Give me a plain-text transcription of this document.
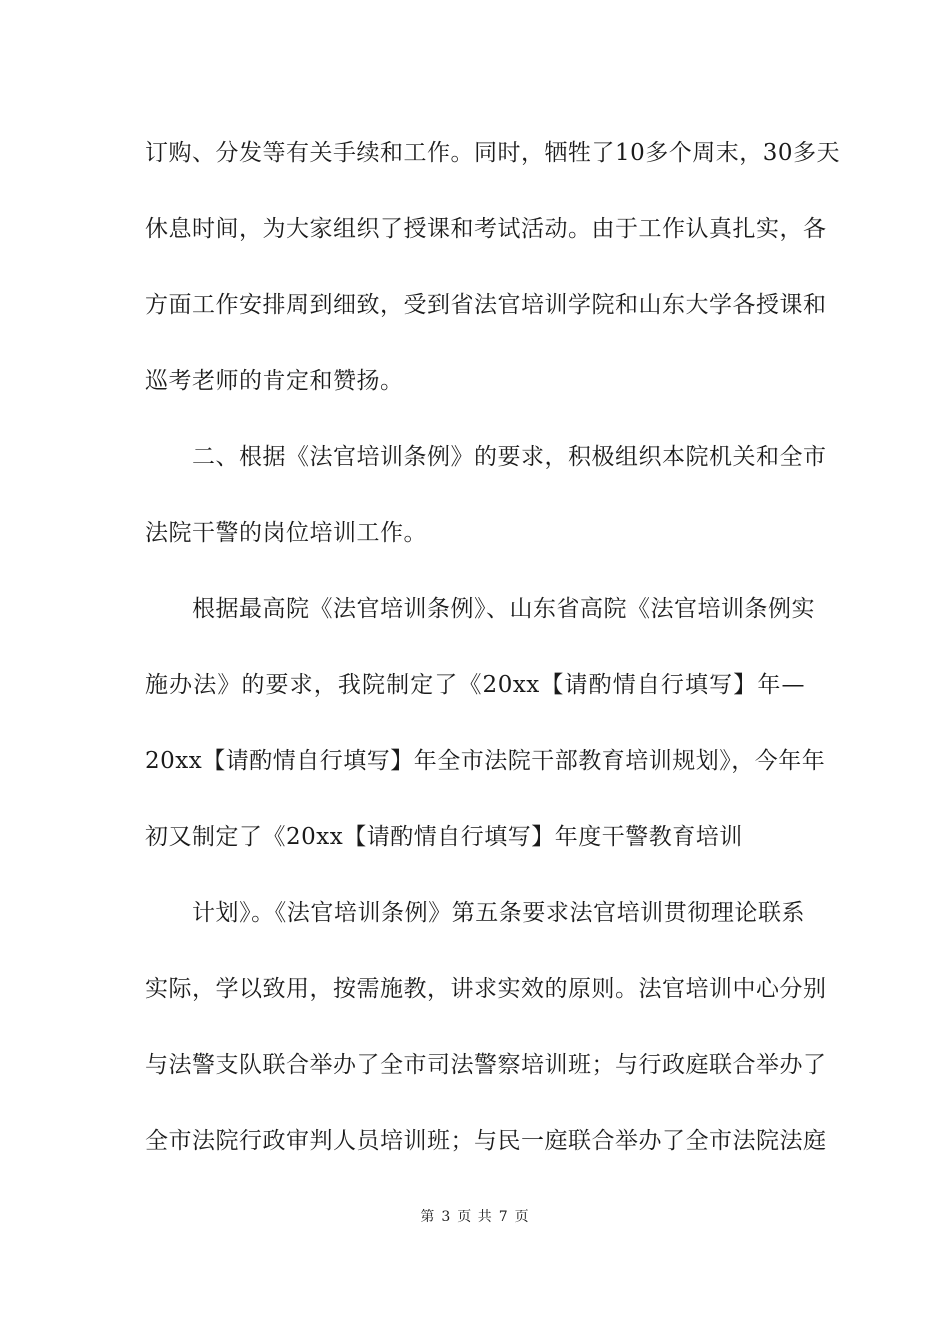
订购、分发等有关手续和工作。同时，牺牲了10多个周末，30多天
休息时间，为大家组织了授课和考试活动。由于工作认真扎实，各
方面工作安排周到细致，受到省法官培训学院和山东大学各授课和
巡考老师的肯定和赞扬。
二、根据《法官培训条例》的要求，积极组织本院机关和全市
法院干警的岗位培训工作。
根据最高院《法官培训条例》、山东省高院《法官培训条例实
施办法》的要求，我院制定了《20xx【请酌情自行填写】年—
20xx【请酌情自行填写】年全市法院干部教育培训规划》，今年年
初又制定了《20xx【请酌情自行填写】年度干警教育培训
计划》。《法官培训条例》第五条要求法官培训贯彻理论联系
实际，学以致用，按需施教，讲求实效的原则。法官培训中心分别
与法警支队联合举办了全市司法警察培训班；与行政庭联合举办了
全市法院行政审判人员培训班；与民一庭联合举办了全市法院法庭
第 3 页 共 7 页
